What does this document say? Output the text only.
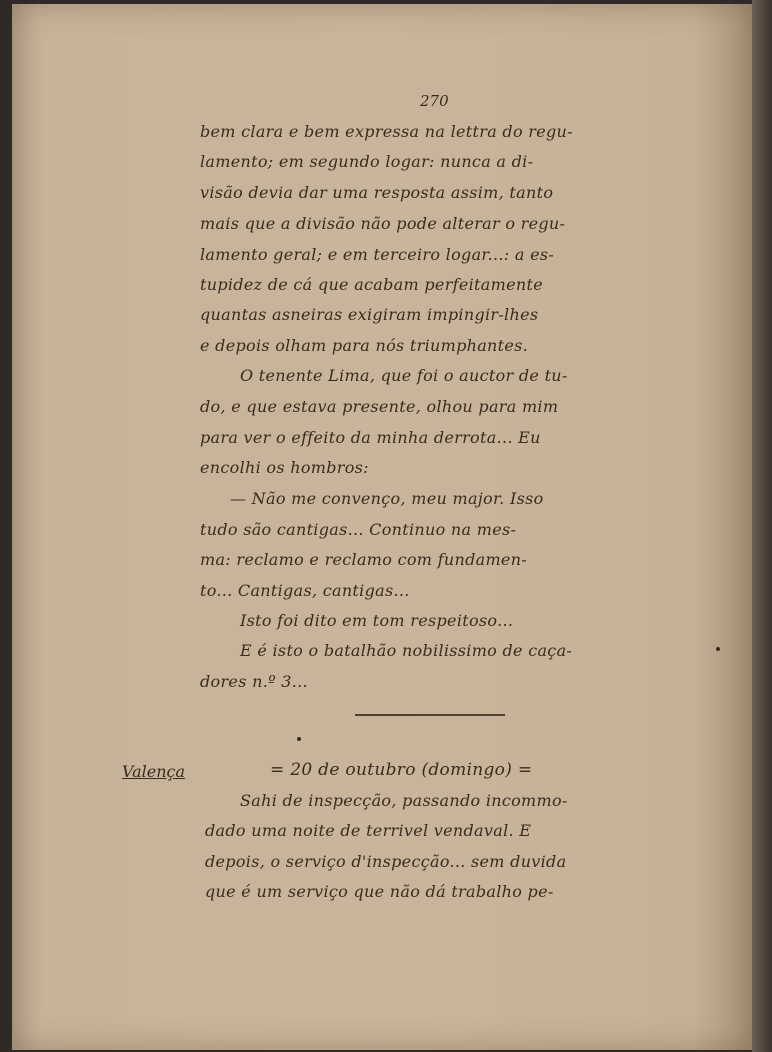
270
bem clara e bem expressa na lettra do regu-
lamento; em segundo logar: nunca a di-
visão devia dar uma resposta assim, tanto
mais que a divisão não pode alterar o regu-
lamento geral; e em terceiro logar...: a es-
tupidez de cá que acabam perfeitamente
quantas asneiras exigiram impingir-lhes
e depois olham para nós triumphantes.
O tenente Lima, que foi o auctor de tu-
do, e que estava presente, olhou para mim
para ver o effeito da minha derrota... Eu
encolhi os hombros:
— Não me convenço, meu major. Isso
tudo são cantigas... Continuo na mes-
ma: reclamo e reclamo com fundamen-
to... Cantigas, cantigas...
Isto foi dito em tom respeitoso...
E é isto o batalhão nobilissimo de caça-
dores n.º 3...
Valença	= 20 de outubro (domingo) =
Sahi de inspecção, passando incommo-
dado uma noite de terrivel vendaval. E
depois, o serviço d'inspecção... sem duvida
que é um serviço que não dá trabalho pe-
